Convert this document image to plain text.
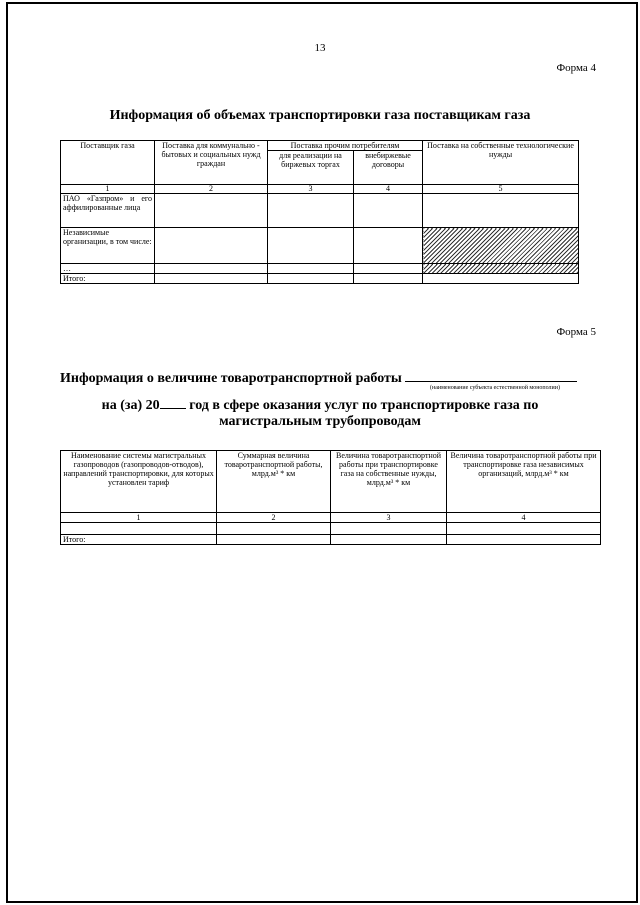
13
Форма 4
Информация об объемах транспортировки газа поставщикам газа
Поставщик газа	Поставка для коммунально - бытовых и социальных нужд граждан	Поставка прочим потребителям		Поставка на собственные технологические нужды
		для реализации на биржевых торгах	внебиржевые договоры	
1	2	3	4	5
ПАО «Газпром» и его аффилированные лица				
Независимые организации, в том числе:				
…				
Итого:				
Форма 5
Информация о величине товаротранспортной работы
(наименование субъекта естественной монополии)
на (за) 20 год в сфере оказания услуг по транспортировке газа по
магистральным трубопроводам
Наименование системы магистральных газопроводов (газопроводов-отводов), направлений транспортировки, для которых установлен тариф	Суммарная величина товаротранспортной работы, млрд.м³ * км	Величина товаротранспортной работы при транспортировке газа на собственные нужды, млрд.м³ * км	Величина товаротранспортной работы при транспортировке газа независимых организаций, млрд.м³ * км
1	2	3	4

Итого:			
